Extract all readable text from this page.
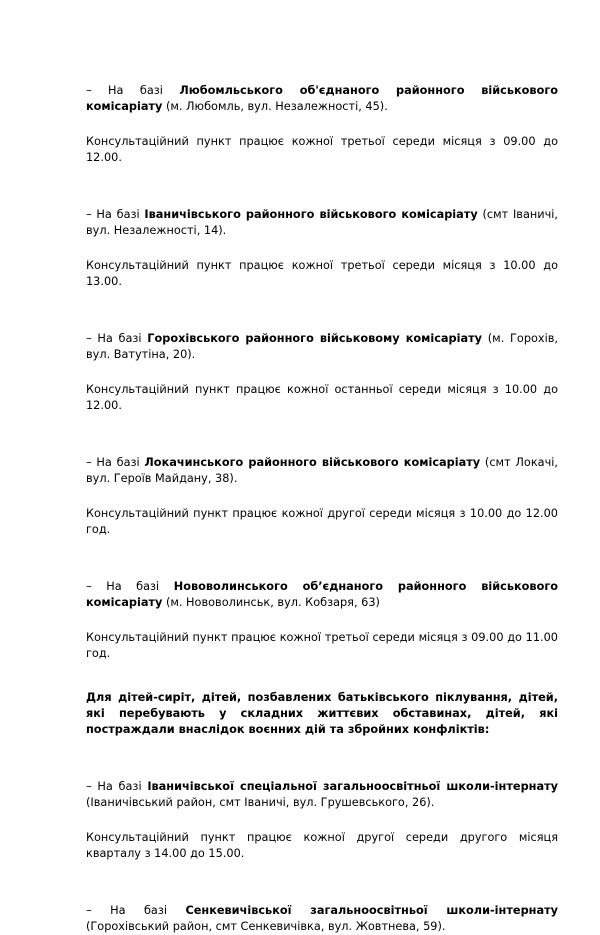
– На базі Любомльського об'єднаного районного військового комісаріату (м. Любомль, вул. Незалежності, 45).

Консультаційний пункт працює кожної третьої середи місяця з 09.00 до 12.00.

– На базі Іваничівського районного військового комісаріату (смт Іваничі, вул. Незалежності, 14).

Консультаційний пункт працює кожної третьої середи місяця з 10.00 до 13.00.

– На базі Горохівського районного військовому комісаріату (м. Горохів, вул. Ватутіна, 20).

Консультаційний пункт працює кожної останньої середи місяця з 10.00 до 12.00.

– На базі Локачинського районного військового комісаріату (смт Локачі, вул. Героїв Майдану, 38).

Консультаційний пункт працює кожної другої середи місяця з 10.00 до 12.00 год.

– На базі Нововолинського об’єднаного районного військового комісаріату (м. Нововолинськ, вул. Кобзаря, 63)

Консультаційний пункт працює кожної третьої середи місяця з 09.00 до 11.00 год.

Для дітей-сиріт, дітей, позбавлених батьківського піклування, дітей, які перебувають у складних життєвих обставинах, дітей, які постраждали внаслідок воєнних дій та збройних конфліктів:

– На базі Іваничівської спеціальної загальноосвітньої школи-інтернату (Іваничівський район, смт Іваничі, вул. Грушевського, 26).

Консультаційний пункт працює кожної другої середи другого місяця кварталу з 14.00 до 15.00.

– На базі Сенкевичівської загальноосвітньої школи-інтернату (Горохівський район, смт Сенкевичівка, вул. Жовтнева, 59).
